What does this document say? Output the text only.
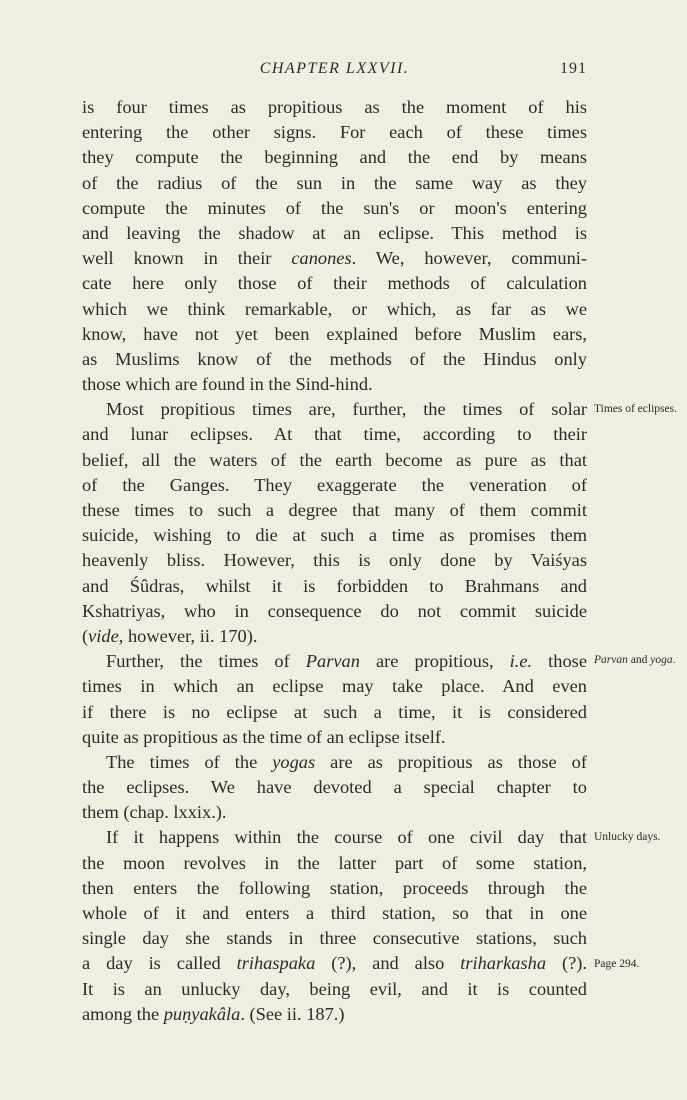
CHAPTER LXXVII.	191
is four times as propitious as the moment of his
entering the other signs. For each of these times
they compute the beginning and the end by means
of the radius of the sun in the same way as they
compute the minutes of the sun's or moon's entering
and leaving the shadow at an eclipse. This method is
well known in their canones. We, however, communi-
cate here only those of their methods of calculation
which we think remarkable, or which, as far as we
know, have not yet been explained before Muslim ears,
as Muslims know of the methods of the Hindus only
those which are found in the Sind-hind.
Most propitious times are, further, the times of solar
and lunar eclipses. At that time, according to their
belief, all the waters of the earth become as pure as that
of the Ganges. They exaggerate the veneration of
these times to such a degree that many of them commit
suicide, wishing to die at such a time as promises them
heavenly bliss. However, this is only done by Vaiśyas
and Śûdras, whilst it is forbidden to Brahmans and
Kshatriyas, who in consequence do not commit suicide
(vide, however, ii. 170).
Further, the times of Parvan are propitious, i.e. those
times in which an eclipse may take place. And even
if there is no eclipse at such a time, it is considered
quite as propitious as the time of an eclipse itself.
The times of the yogas are as propitious as those of
the eclipses. We have devoted a special chapter to
them (chap. lxxix.).
If it happens within the course of one civil day that
the moon revolves in the latter part of some station,
then enters the following station, proceeds through the
whole of it and enters a third station, so that in one
single day she stands in three consecutive stations, such
a day is called trihaspaka (?), and also triharkasha (?).
It is an unlucky day, being evil, and it is counted
among the puṇyakâla. (See ii. 187.)
Times of eclipses.
Parvan and yoga.
Unlucky days.
Page 294.
